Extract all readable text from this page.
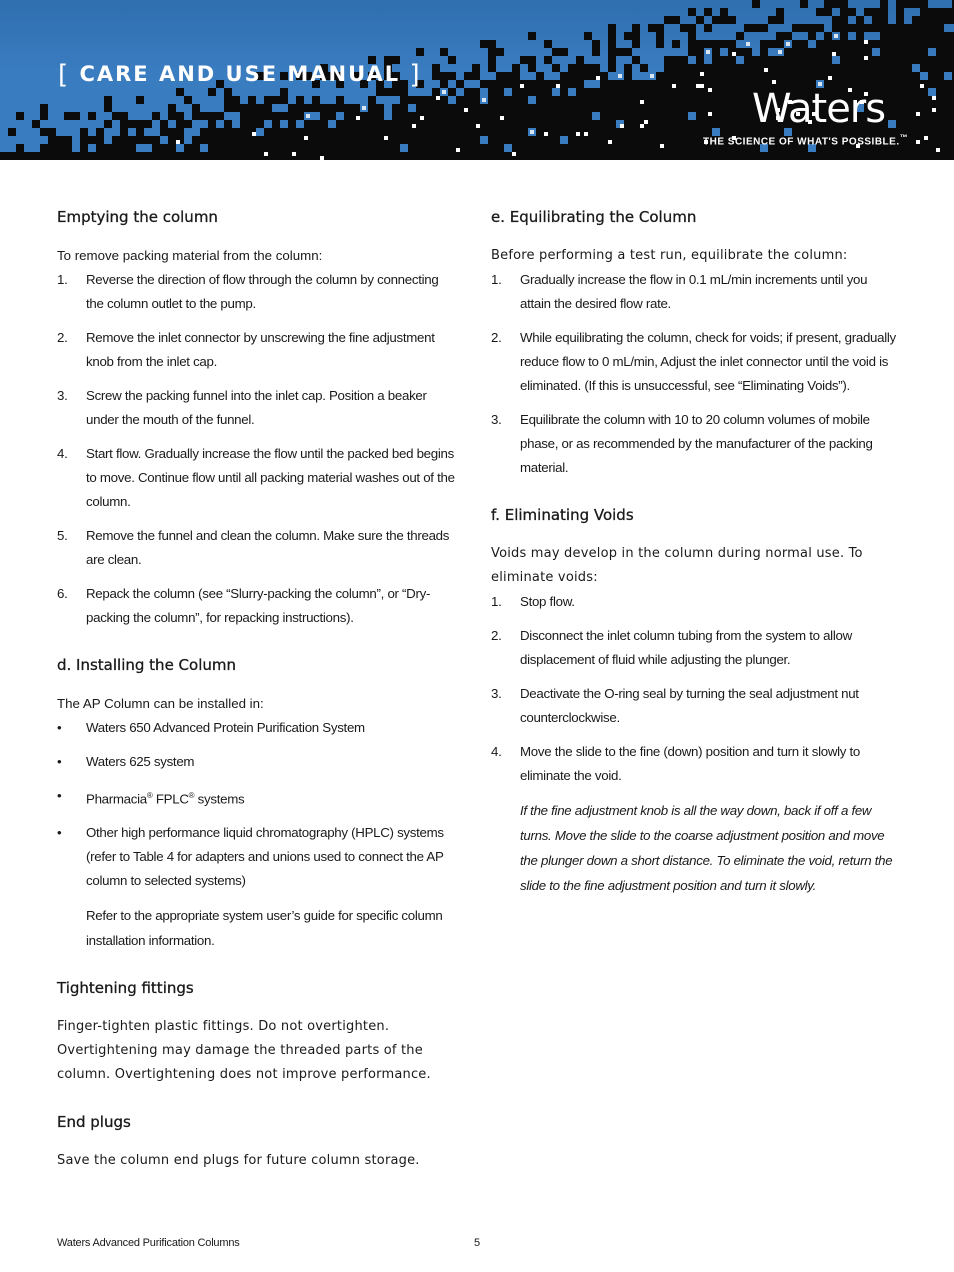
[ CARE AND USE MANUAL ]
Waters
THE SCIENCE OF WHAT'S POSSIBLE.™
Emptying the column

To remove packing material from the column:

1. Reverse the direction of flow through the column by connecting the column outlet to the pump.
2. Remove the inlet connector by unscrewing the fine adjustment knob from the inlet cap.
3. Screw the packing funnel into the inlet cap. Position a beaker under the mouth of the funnel.
4. Start flow. Gradually increase the flow until the packed bed begins to move. Continue flow until all packing material washes out of the column.
5. Remove the funnel and clean the column. Make sure the threads are clean.
6. Repack the column (see “Slurry-packing the column”, or “Dry-packing the column”, for repacking instructions).
d. Installing the Column

The AP Column can be installed in:

• Waters 650 Advanced Protein Purification System
• Waters 625 system
• Pharmacia® FPLC® systems
• Other high performance liquid chromatography (HPLC) systems (refer to Table 4 for adapters and unions used to connect the AP column to selected systems)
Refer to the appropriate system user’s guide for specific column installation information.
Tightening fittings

Finger-tighten plastic fittings. Do not overtighten. Overtightening may damage the threaded parts of the column. Overtightening does not improve performance.

End plugs

Save the column end plugs for future column storage.

e. Equilibrating the Column

Before performing a test run, equilibrate the column:

1. Gradually increase the flow in 0.1 mL/min increments until you attain the desired flow rate.
2. While equilibrating the column, check for voids; if present, gradually reduce flow to 0 mL/min, Adjust the inlet connector until the void is eliminated. (If this is unsuccessful, see “Eliminating Voids”).
3. Equilibrate the column with 10 to 20 column volumes of mobile phase, or as recommended by the manufacturer of the packing material.
f. Eliminating Voids

Voids may develop in the column during normal use. To eliminate voids:

1. Stop flow.
2. Disconnect the inlet column tubing from the system to allow displacement of fluid while adjusting the plunger.
3. Deactivate the O-ring seal by turning the seal adjustment nut counterclockwise.
4. Move the slide to the fine (down) position and turn it slowly to eliminate the void.
If the fine adjustment knob is all the way down, back if off a few turns. Move the slide to the coarse adjustment position and move the plunger down a short distance. To eliminate the void, return the slide to the fine adjustment position and turn it slowly.
Waters Advanced Purification Columns	5
